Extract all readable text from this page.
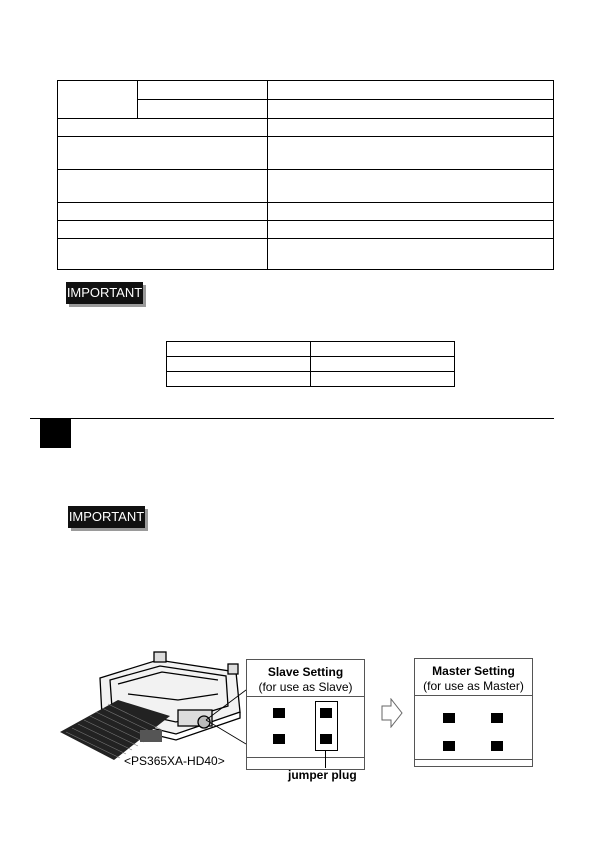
IMPORTANT

IMPORTANT
<PS365XA-HD40>
Slave Setting
(for use as Slave)
jumper plug
Master Setting
(for use as Master)
